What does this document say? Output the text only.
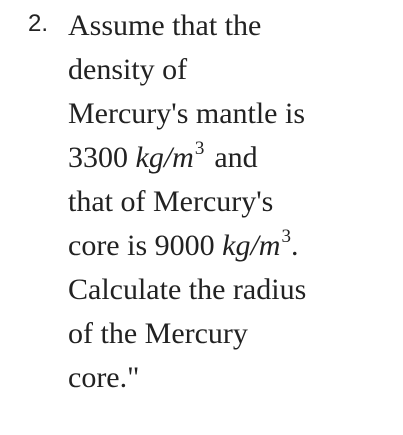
2. Assume that the
density of
Mercury's mantle is
3300 $kg/m^3$ and
that of Mercury's
core is 9000 $kg/m^3$.
Calculate the radius
of the Mercury
core."
